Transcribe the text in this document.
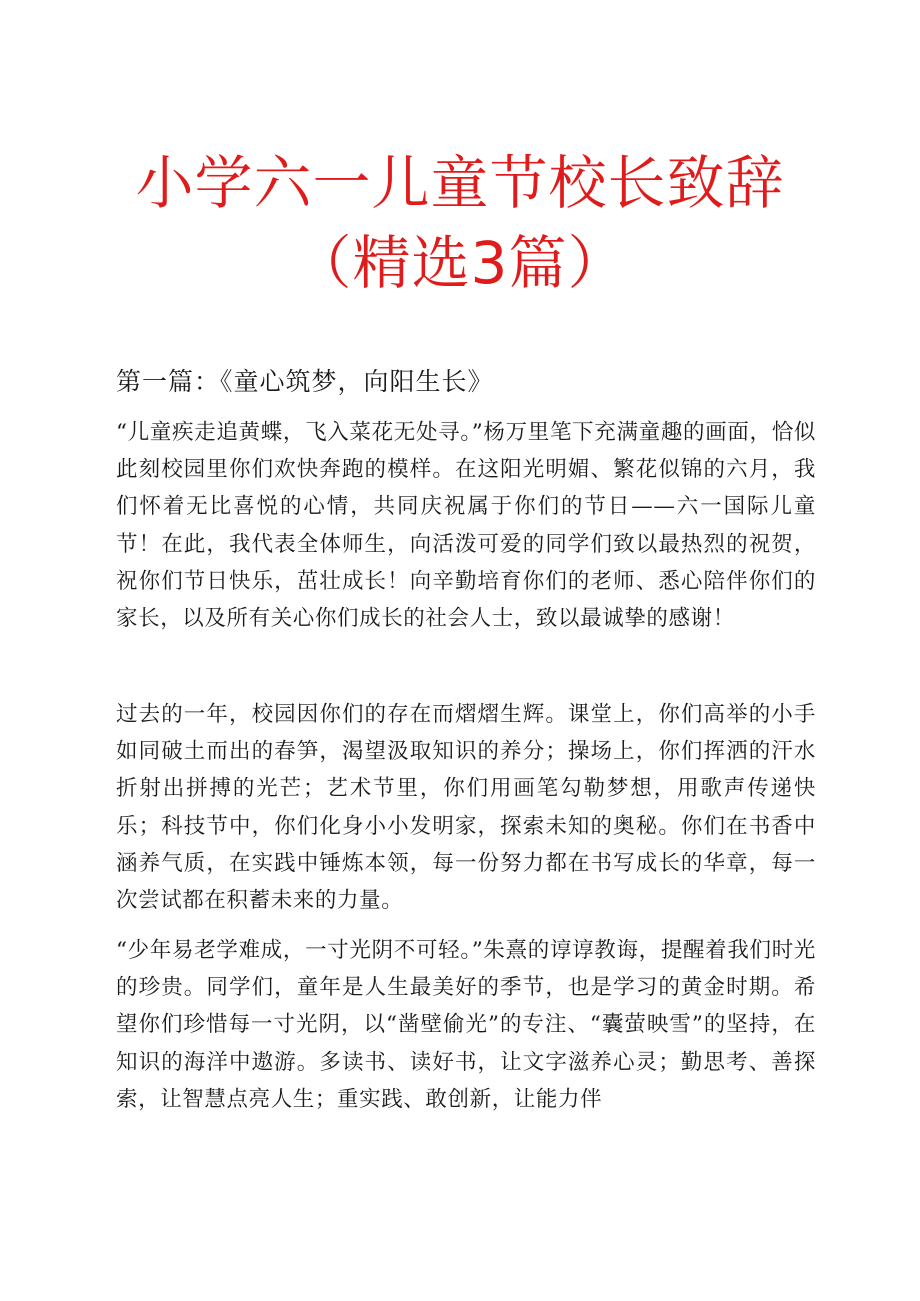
小学六一儿童节校长致辞
（精选3篇）
第一篇：《童心筑梦，向阳生长》

“儿童疾走追黄蝶，飞入菜花无处寻。”杨万里笔下充满童趣的画面，恰似此刻校园里你们欢快奔跑的模样。在这阳光明媚、繁花似锦的六月，我们怀着无比喜悦的心情，共同庆祝属于你们的节日——六一国际儿童节！在此，我代表全体师生，向活泼可爱的同学们致以最热烈的祝贺，祝你们节日快乐，茁壮成长！向辛勤培育你们的老师、悉心陪伴你们的家长，以及所有关心你们成长的社会人士，致以最诚挚的感谢！

过去的一年，校园因你们的存在而熠熠生辉。课堂上，你们高举的小手如同破土而出的春笋，渴望汲取知识的养分；操场上，你们挥洒的汗水折射出拼搏的光芒；艺术节里，你们用画笔勾勒梦想，用歌声传递快乐；科技节中，你们化身小小发明家，探索未知的奥秘。你们在书香中涵养气质，在实践中锤炼本领，每一份努力都在书写成长的华章，每一次尝试都在积蓄未来的力量。

“少年易老学难成，一寸光阴不可轻。”朱熹的谆谆教诲，提醒着我们时光的珍贵。同学们，童年是人生最美好的季节，也是学习的黄金时期。希望你们珍惜每一寸光阴，以“凿壁偷光”的专注、“囊萤映雪”的坚持，在知识的海洋中遨游。多读书、读好书，让文字滋养心灵；勤思考、善探索，让智慧点亮人生；重实践、敢创新，让能力伴
